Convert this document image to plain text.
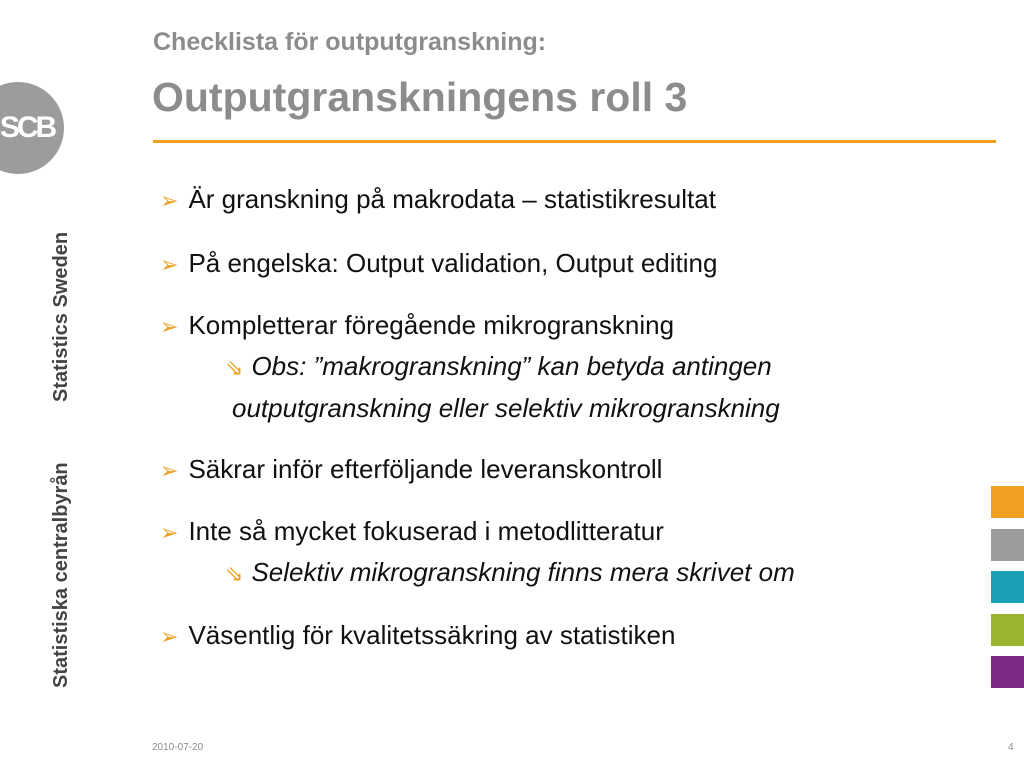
SCB
Statistics Sweden
Statistiska centralbyrån
Checklista för outputgranskning:
Outputgranskningens roll 3
➢ Är granskning på makrodata – statistikresultat
➢ På engelska: Output validation, Output editing
➢ Kompletterar föregående mikrogranskning
⇘ Obs: ”makrogranskning” kan betyda antingen
outputgranskning eller selektiv mikrogranskning
➢ Säkrar inför efterföljande leveranskontroll
➢ Inte så mycket fokuserad i metodlitteratur
⇘ Selektiv mikrogranskning finns mera skrivet om
➢ Väsentlig för kvalitetssäkring av statistiken
2010-07-20	4
